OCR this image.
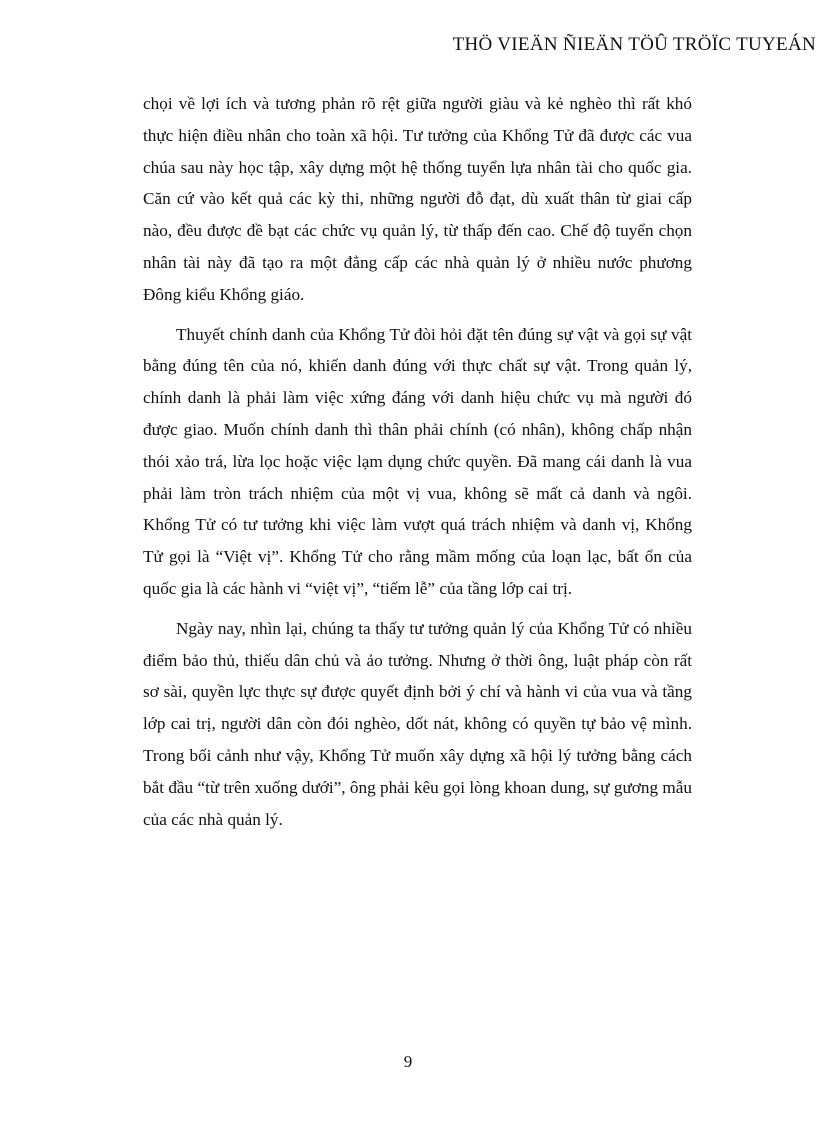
THÖ VIEÄN ÑIEÄN TÖÛ TRÖÏC TUYEÁN

chọi về lợi ích và tương phản rõ rệt giữa người giàu và kẻ nghèo thì rất khó thực hiện điều nhân cho toàn xã hội. Tư tưởng của Khổng Tử đã được các vua chúa sau này học tập, xây dựng một hệ thống tuyển lựa nhân tài cho quốc gia. Căn cứ vào kết quả các kỳ thi, những người đỗ đạt, dù xuất thân từ giai cấp nào, đều được đề bạt các chức vụ quản lý, từ thấp đến cao. Chế độ tuyển chọn nhân tài này đã tạo ra một đẳng cấp các nhà quản lý ở nhiều nước phương Đông kiểu Khổng giáo.

Thuyết chính danh của Khổng Tử đòi hỏi đặt tên đúng sự vật và gọi sự vật bằng đúng tên của nó, khiến danh đúng với thực chất sự vật. Trong quản lý, chính danh là phải làm việc xứng đáng với danh hiệu chức vụ mà người đó được giao. Muốn chính danh thì thân phải chính (có nhân), không chấp nhận thói xảo trá, lừa lọc hoặc việc lạm dụng chức quyền. Đã mang cái danh là vua phải làm tròn trách nhiệm của một vị vua, không sẽ mất cả danh và ngôi. Khổng Tử có tư tưởng khi việc làm vượt quá trách nhiệm và danh vị, Khổng Tử gọi là “Việt vị”. Khổng Tử cho rằng mầm mống của loạn lạc, bất ổn của quốc gia là các hành vi “việt vị”, “tiếm lễ” của tầng lớp cai trị.

Ngày nay, nhìn lại, chúng ta thấy tư tưởng quản lý của Khổng Tử có nhiều điểm bảo thủ, thiếu dân chủ và ảo tưởng. Nhưng ở thời ông, luật pháp còn rất sơ sài, quyền lực thực sự được quyết định bởi ý chí và hành vi của vua và tầng lớp cai trị, người dân còn đói nghèo, dốt nát, không có quyền tự bảo vệ mình. Trong bối cảnh như vậy, Khổng Tử muốn xây dựng xã hội lý tưởng bằng cách bắt đầu “từ trên xuống dưới”, ông phải kêu gọi lòng khoan dung, sự gương mẫu của các nhà quản lý.

9
